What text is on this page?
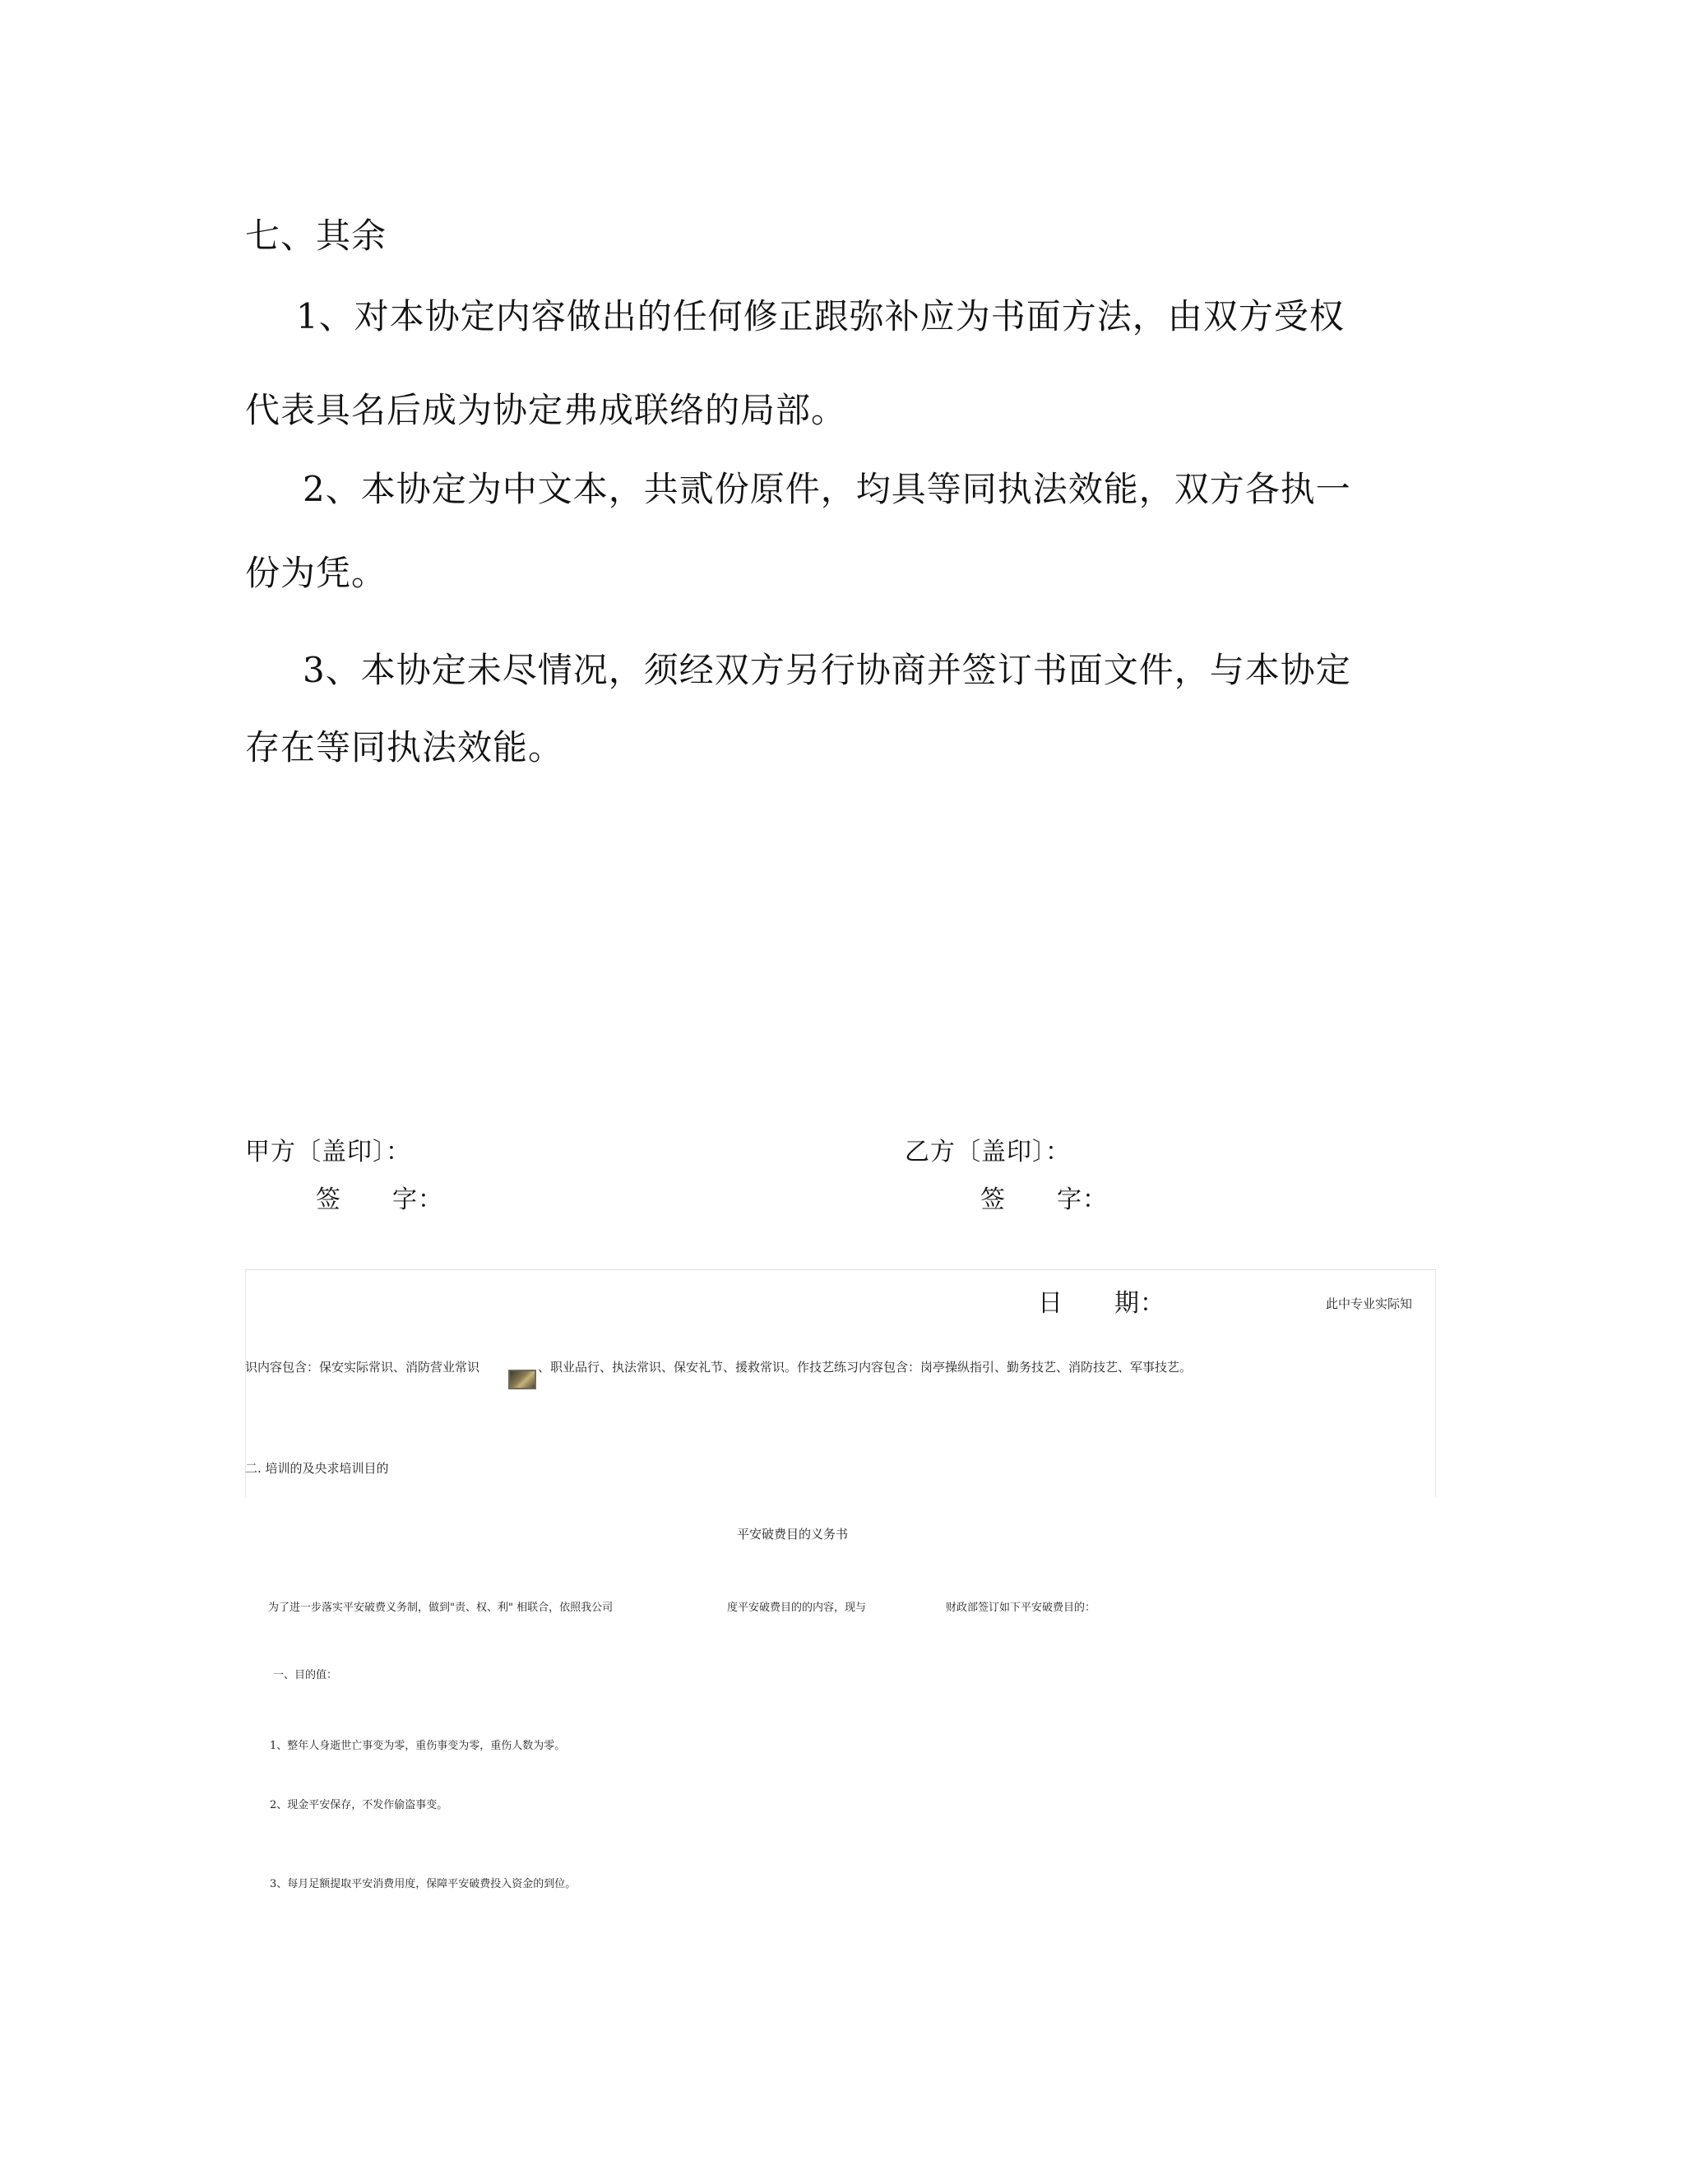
七、其余
1、对本协定内容做出的任何修正跟弥补应为书面方法，由双方受权
代表具名后成为协定弗成联络的局部。
2、本协定为中文本，共贰份原件，均具等同执法效能，双方各执一
份为凭。
3、本协定未尽情况，须经双方另行协商并签订书面文件，与本协定
存在等同执法效能。
甲方〔盖印〕：	乙方〔盖印〕：
签　　字：	签　　字：
日　　期：	此中专业实际知
识内容包含：保安实际常识、消防营业常识	、职业品行、执法常识、保安礼节、援救常识。作技艺练习内容包含：岗亭操纵指引、勤务技艺、消防技艺、军事技艺。
二. 培训的及央求培训目的
平安破费目的义务书
为了进一步落实平安破费义务制，做到"责、权、利" 相联合，依照我公司	度平安破费目的的内容，现与	财政部签订如下平安破费目的：
一、目的值：
1、整年人身逝世亡事变为零，重伤事变为零，重伤人数为零。
2、现金平安保存，不发作偷盗事变。
3、每月足额提取平安消费用度，保障平安破费投入资金的到位。
